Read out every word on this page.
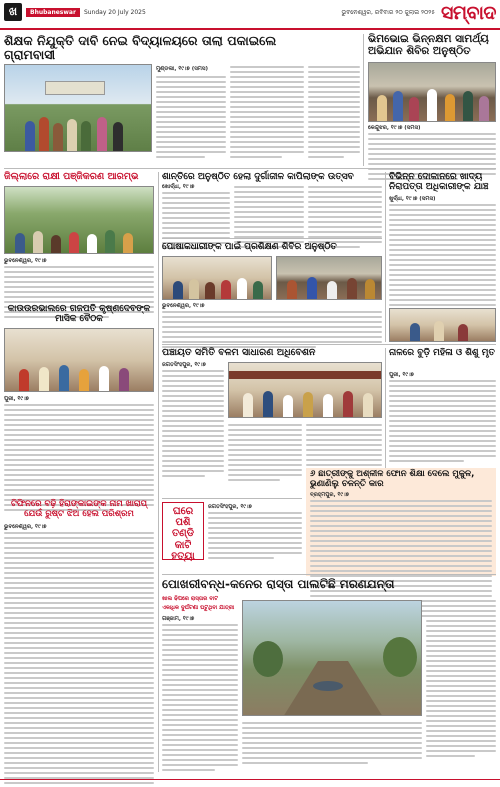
ଖ	Bhubaneswar	Sunday 20 July 2025	ଭୁବନେଶ୍ୱର, ରବିବାର ୨୦ ଜୁଲାଇ ୨୦୨୫ ସମ୍ବାଦ
ଶିକ୍ଷକ ନିଯୁକ୍ତି ଦାବି ନେଇ ବିଦ୍ୟାଳୟରେ ତାଲା ପକାଇଲେ ଗ୍ରାମବାସୀ
ମୁଣ୍ଡଲୀ, ୧୯।୭ (ସମସ)
ଭିମଭୋଇ ଭିନ୍ନକ୍ଷମ ସାମର୍ଥ୍ୟ ଅଭିଯାନ ଶିବିର ଅନୁଷ୍ଠିତ
କେନ୍ଦୁଝର, ୧୯।୭ (ସମସ)
ଜିଲ୍ଲାରେ ରାକ୍ଷୀ ପଞ୍ଜିକରଣ ଆରମ୍ଭ
ଭୁବନେଶ୍ୱର, ୧୯।୭
କାଉଉରଭାଲରେ ଗଜପତି କୃଷ୍ଣଦେବଙ୍କ ମାସିକ ବୈଠକ
ପୁରୀ, ୧୯।୭
ଟିଫିନରେ ବଢ଼ି ହିରାଙ୍କାଇଙ୍କ ନାମ ଖାରାପ୍ ଯେଉଁ ରୁଷ୍ଟ ଝିଅ ହେଲ ପରିଶ୍ରମ
ଭୁବନେଶ୍ୱର, ୧୯।୭
ଶାନ୍ତିରେ ଅନୁଷ୍ଠିତ ହେଲା ଦୁର୍ଗାଜୀଳ କାପିଲାଙ୍କ ଉତ୍ସବ
ଖୋର୍ଦ୍ଧା, ୧୯।୭
ପୋଷାକଧାରୀଙ୍କ ପାଇଁ ପ୍ରଶିକ୍ଷଣ ଶିବିର ଅନୁଷ୍ଠିତ
ଭୁବନେଶ୍ୱର, ୧୯।୭
ବିଭିନ୍ନ ଦୋକାନରେ ଖାଦ୍ୟ ନିରାପତ୍ତା ଅଧିକାରୀଙ୍କ ଯାଞ୍ଚ
ଖୁର୍ଦ୍ଧା, ୧୯।୭ (ସମସ)
ପଞ୍ଚାୟତ ସମିତି ବଳମ ସାଧାରଣ ଅଧିବେଶନ
ଜଗତସିଂହପୁର, ୧୯।୭
ନାଳରେ ବୁଡ଼ି ମହିଳା ଓ ଶିଶୁ ମୃତ
ପୁରୀ, ୧୯।୭
୬ ଛାତ୍ରୀଙ୍କୁ ଅଶ୍ଳୀଳ ଫୋନ ଶିକ୍ଷା ଦେଲେ ମୁକୁଳ, ଭୁଣାଣିଲୁ ଚଳନ୍ତି କାର
ବ୍ରହ୍ମପୁର, ୧୯।୭
ଘରେ ପଶି ତଣ୍ଡି କାଟି ହତ୍ୟା
ଜଗତସିଂହପୁର, ୧୯।୭
ପୋଖରୀବନ୍ଧ-କନେର ରାସ୍ତା ପାଲଟିଛି ମରଣଯନ୍ତା
ଖାଲ ଢିପରେ ରାସ୍ତାର ବାଟ
ଏକାଧିକ ଦୁର୍ଘଟଣା ଘଟୁଥିବା ଯାତ୍ରୀ
ଗଞ୍ଜାମ, ୧୯।୭
